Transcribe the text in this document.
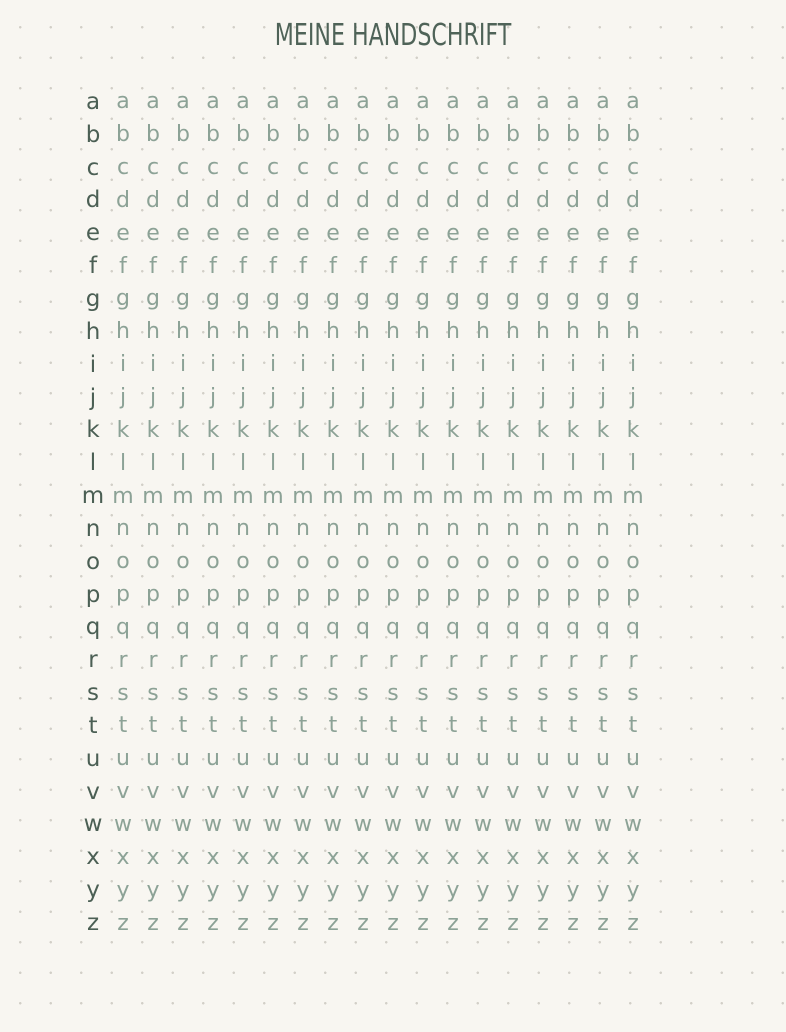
MEINE HANDSCHRIFT
a a a a a a a a a a a a a a a a a a a
b b b b b b b b b b b b b b b b b b b
c c c c c c c c c c c c c c c c c c c
d d d d d d d d d d d d d d d d d d d
e e e e e e e e e e e e e e e e e e e
f	f	f	f	f	f	f	f	f	f	f	f	f	f	f	f	f	f	f
g g g g g g g g g g g g g g g g g g g
h h h h h h h h h h h h h h h h h h h
i	i	i	i	i	i	i	i	i	i	i	i	i	i	i	i	i	i	i
j	j	j	j	j	j	j	j	j	j	j	j	j	j	j	j	j	j	j
k k k k k k k k k k k k k k k k k k k
l	l	l	l	l	l	l	l	l	l	l	l	l	l	l	l	l	l	l
m m m m m m m m m m m m m m m m m m m
n n n n n n n n n n n n n n n n n n n
o o o o o o o o o o o o o o o o o o o
p p p p p p p p p p p p p p p p p p p
q q q q q q q q q q q q q q q q q q q
r r r r r r r r r r r r r r r r r r r
s s s s s s s s s s s s s s s s s s s
t t t t t t t t t t t t t t t t t t t
u u u u u u u u u u u u u u u u u u u
v v v v v v v v v v v v v v v v v v v
w w w w w w w w w w w w w w w w w w w
x x x x x x x x x x x x x x x x x x x
y y y y y y y y y y y y y y y y y y y
z z z z z z z z z z z z z z z z z z z
